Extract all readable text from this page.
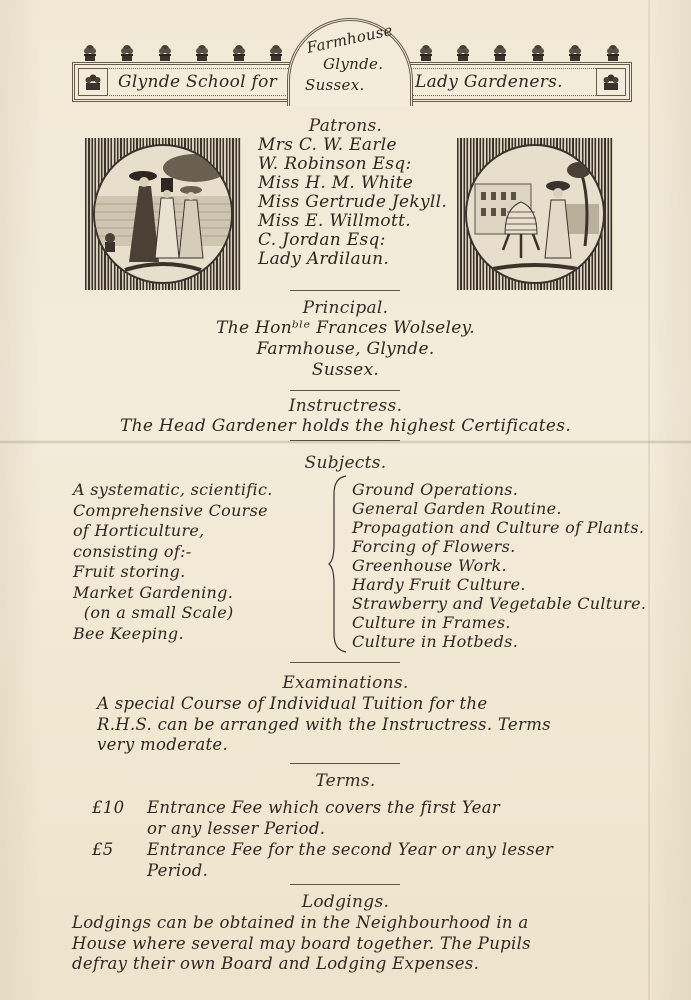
Glynde School for	Lady Gardeners.
Farmhouse
Glynde.
Sussex.
Patrons.
Mrs C. W. Earle
W. Robinson Esq:
Miss H. M. White
Miss Gertrude Jekyll.
Miss E. Willmott.
C. Jordan Esq:
Lady Ardilaun.
Principal.
The Honᵇˡᵉ Frances Wolseley.
Farmhouse, Glynde.
Sussex.
Instructress.
The Head Gardener holds the highest Certificates.
Subjects.
A systematic, scientific.
Comprehensive Course
of Horticulture,
consisting of:-
Fruit storing.
Market Gardening.
(on a small Scale)
Bee Keeping.
Ground Operations.
General Garden Routine.
Propagation and Culture of Plants.
Forcing of Flowers.
Greenhouse Work.
Hardy Fruit Culture.
Strawberry and Vegetable Culture.
Culture in Frames.
Culture in Hotbeds.
Examinations.
A special Course of Individual Tuition for the
R.H.S. can be arranged with the Instructress. Terms
very moderate.
Terms.
£10 Entrance Fee which covers the first Year
or any lesser Period.
£5 Entrance Fee for the second Year or any lesser
Period.
Lodgings.
Lodgings can be obtained in the Neighbourhood in a
House where several may board together. The Pupils
defray their own Board and Lodging Expenses.
